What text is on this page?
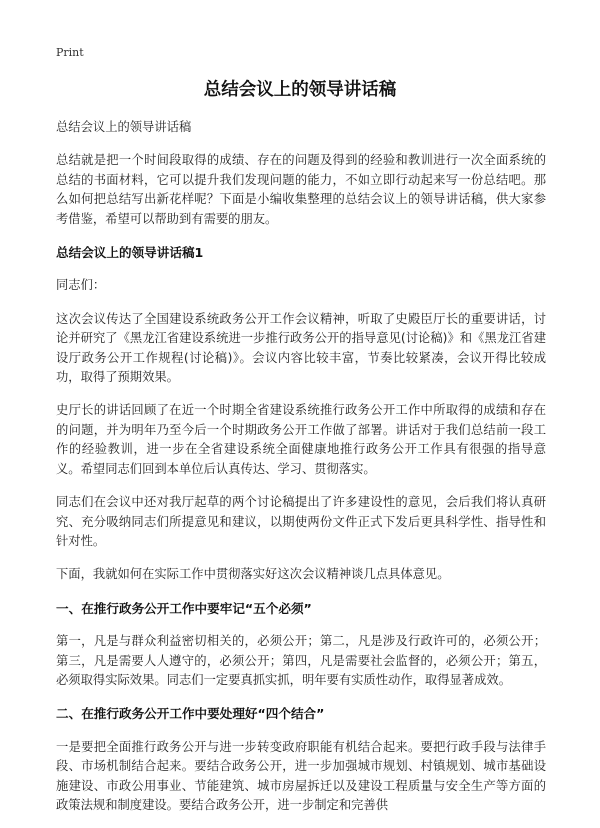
Print
总结会议上的领导讲话稿

总结会议上的领导讲话稿

总结就是把一个时间段取得的成绩、存在的问题及得到的经验和教训进行一次全面系统的总结的书面材料，它可以提升我们发现问题的能力，不如立即行动起来写一份总结吧。那么如何把总结写出新花样呢？下面是小编收集整理的总结会议上的领导讲话稿，供大家参考借鉴，希望可以帮助到有需要的朋友。

总结会议上的领导讲话稿1

同志们：

这次会议传达了全国建设系统政务公开工作会议精神，听取了史殿臣厅长的重要讲话，讨论并研究了《黑龙江省建设系统进一步推行政务公开的指导意见(讨论稿)》和《黑龙江省建设厅政务公开工作规程(讨论稿)》。会议内容比较丰富，节奏比较紧凑，会议开得比较成功，取得了预期效果。

史厅长的讲话回顾了在近一个时期全省建设系统推行政务公开工作中所取得的成绩和存在的问题，并为明年乃至今后一个时期政务公开工作做了部署。讲话对于我们总结前一段工作的经验教训，进一步在全省建设系统全面健康地推行政务公开工作具有很强的指导意义。希望同志们回到本单位后认真传达、学习、贯彻落实。

同志们在会议中还对我厅起草的两个讨论稿提出了许多建设性的意见，会后我们将认真研究、充分吸纳同志们所提意见和建议，以期使两份文件正式下发后更具科学性、指导性和针对性。

下面，我就如何在实际工作中贯彻落实好这次会议精神谈几点具体意见。

一、在推行政务公开工作中要牢记“五个必须”

第一，凡是与群众利益密切相关的，必须公开；第二，凡是涉及行政许可的，必须公开；第三，凡是需要人人遵守的，必须公开；第四，凡是需要社会监督的，必须公开；第五，必须取得实际效果。同志们一定要真抓实抓，明年要有实质性动作，取得显著成效。

二、在推行政务公开工作中要处理好“四个结合”

一是要把全面推行政务公开与进一步转变政府职能有机结合起来。要把行政手段与法律手段、市场机制结合起来。要结合政务公开，进一步加强城市规划、村镇规划、城市基础设施建设、市政公用事业、节能建筑、城市房屋拆迁以及建设工程质量与安全生产等方面的政策法规和制度建设。要结合政务公开，进一步制定和完善供
